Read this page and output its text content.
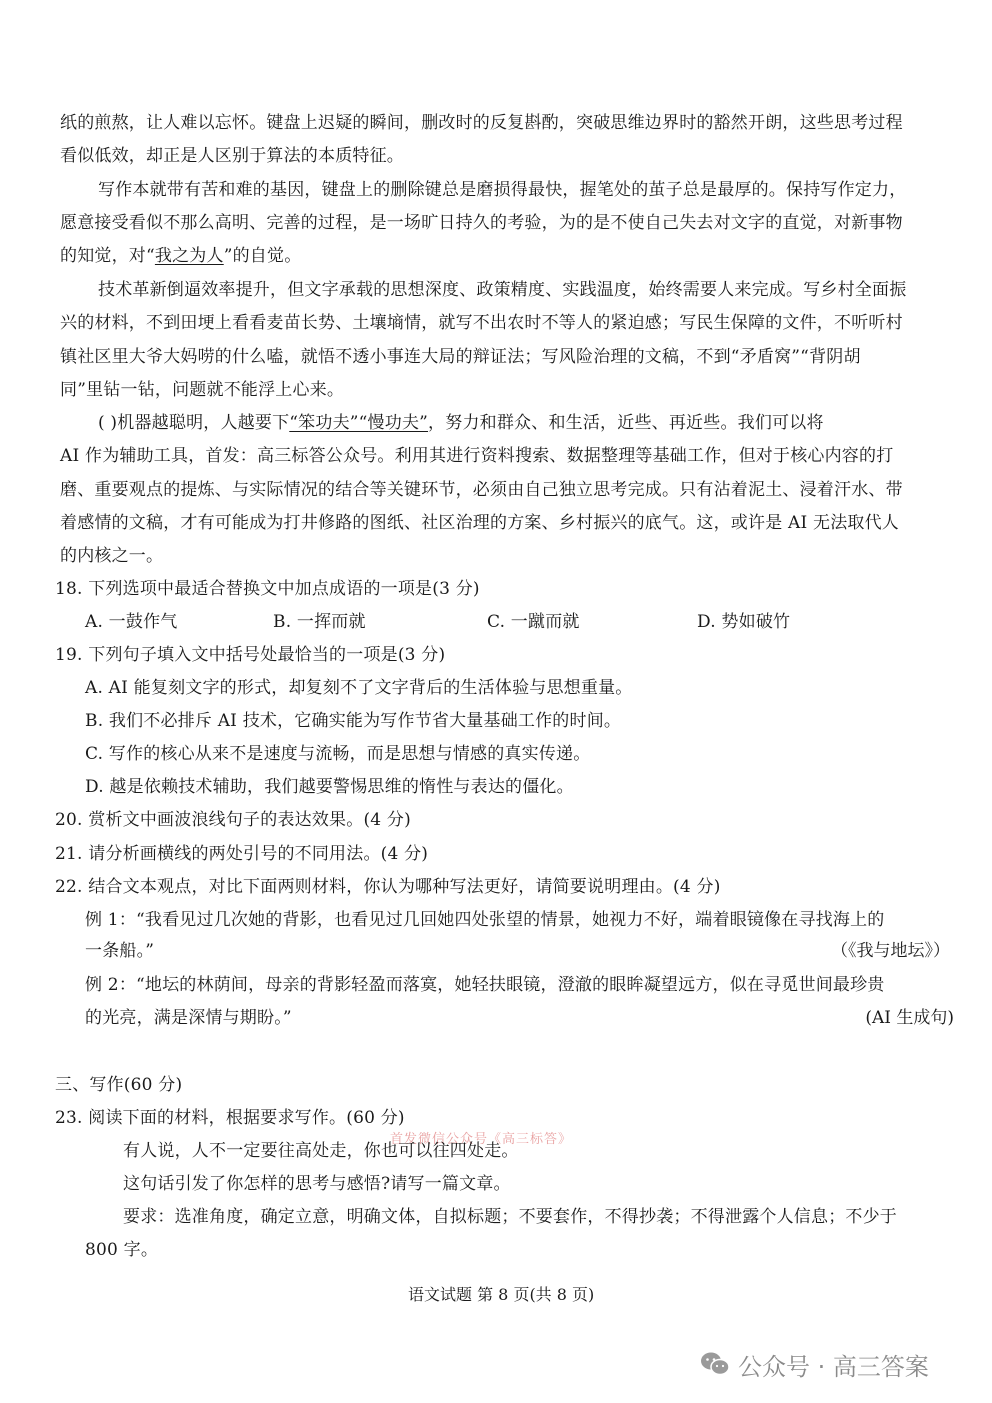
纸的煎熬，让人难以忘怀。键盘上迟疑的瞬间，删改时的反复斟酌，突破思维边界时的豁然开朗，这些思考过程
看似低效，却正是人区别于算法的本质特征。
写作本就带有苦和难的基因，键盘上的删除键总是磨损得最快，握笔处的茧子总是最厚的。保持写作定力，
愿意接受看似不那么高明、完善的过程，是一场旷日持久的考验，为的是不使自己失去对文字的直觉，对新事物
的知觉，对“我之为人”的自觉。
技术革新倒逼效率提升，但文字承载的思想深度、政策精度、实践温度，始终需要人来完成。写乡村全面振
兴的材料，不到田埂上看看麦苗长势、土壤墒情，就写不出农时不等人的紧迫感；写民生保障的文件，不听听村
镇社区里大爷大妈唠的什么嗑，就悟不透小事连大局的辩证法；写风险治理的文稿，不到“矛盾窝”“背阴胡
同”里钻一钻，问题就不能浮上心来。
( )机器越聪明，人越要下“笨功夫”“慢功夫”，努力和群众、和生活，近些、再近些。我们可以将
AI 作为辅助工具，首发：高三标答公众号。利用其进行资料搜索、数据整理等基础工作，但对于核心内容的打
磨、重要观点的提炼、与实际情况的结合等关键环节，必须由自己独立思考完成。只有沾着泥土、浸着汗水、带
着感情的文稿，才有可能成为打井修路的图纸、社区治理的方案、乡村振兴的底气。这，或许是 AI 无法取代人
的内核之一。
18. 下列选项中最适合替换文中加点成语的一项是(3 分)
A. 一鼓作气	B. 一挥而就	C. 一蹴而就	D. 势如破竹
19. 下列句子填入文中括号处最恰当的一项是(3 分)
A. AI 能复刻文字的形式，却复刻不了文字背后的生活体验与思想重量。
B. 我们不必排斥 AI 技术，它确实能为写作节省大量基础工作的时间。
C. 写作的核心从来不是速度与流畅，而是思想与情感的真实传递。
D. 越是依赖技术辅助，我们越要警惕思维的惰性与表达的僵化。
20. 赏析文中画波浪线句子的表达效果。(4 分)
21. 请分析画横线的两处引号的不同用法。(4 分)
22. 结合文本观点，对比下面两则材料，你认为哪种写法更好，请简要说明理由。(4 分)
例 1：“我看见过几次她的背影，也看见过几回她四处张望的情景，她视力不好，端着眼镜像在寻找海上的
一条船。”	（《我与地坛》）
例 2：“地坛的林荫间，母亲的背影轻盈而落寞，她轻扶眼镜，澄澈的眼眸凝望远方，似在寻觅世间最珍贵
的光亮，满是深情与期盼。”	(AI 生成句)
三、写作(60 分)
23. 阅读下面的材料，根据要求写作。(60 分)
首发微信公众号《高三标答》
有人说，人不一定要往高处走，你也可以往四处走。
这句话引发了你怎样的思考与感悟?请写一篇文章。
要求：选准角度，确定立意，明确文体，自拟标题；不要套作，不得抄袭；不得泄露个人信息；不少于
800 字。
语文试题 第 8 页(共 8 页)
公众号 · 高三答案
